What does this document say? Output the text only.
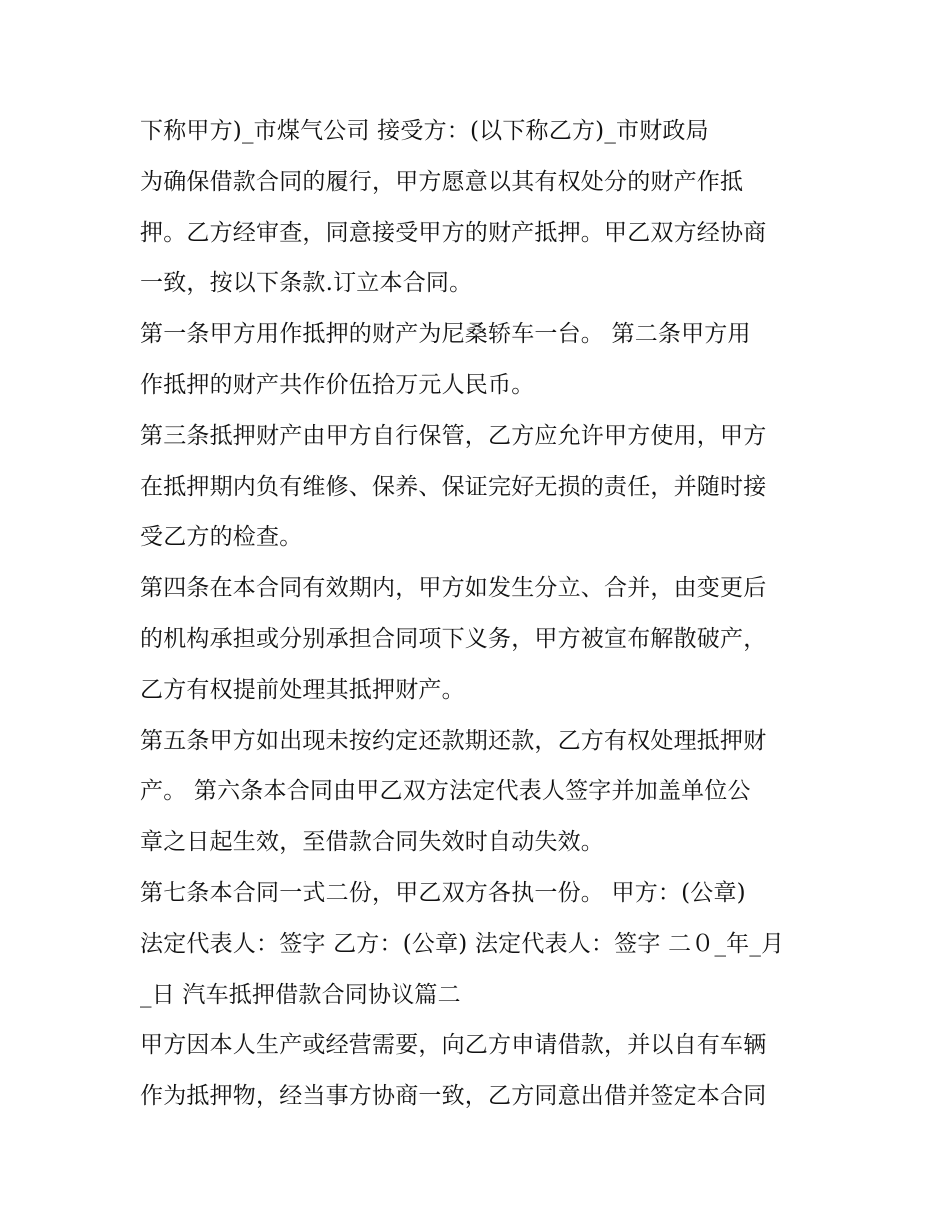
下称甲方)_市煤气公司 接受方：(以下称乙方)_市财政局
为确保借款合同的履行，甲方愿意以其有权处分的财产作抵
押。乙方经审查，同意接受甲方的财产抵押。甲乙双方经协商
一致，按以下条款.订立本合同。
第一条甲方用作抵押的财产为尼桑轿车一台。 第二条甲方用
作抵押的财产共作价伍拾万元人民币。
第三条抵押财产由甲方自行保管，乙方应允许甲方使用，甲方
在抵押期内负有维修、保养、保证完好无损的责任，并随时接
受乙方的检查。
第四条在本合同有效期内，甲方如发生分立、合并，由变更后
的机构承担或分别承担合同项下义务，甲方被宣布解散破产，
乙方有权提前处理其抵押财产。
第五条甲方如出现未按约定还款期还款，乙方有权处理抵押财
产。 第六条本合同由甲乙双方法定代表人签字并加盖单位公
章之日起生效，至借款合同失效时自动失效。
第七条本合同一式二份，甲乙双方各执一份。 甲方：(公章)
法定代表人：签字 乙方：(公章) 法定代表人：签字 二０_年_月
_日 汽车抵押借款合同协议篇二
甲方因本人生产或经营需要，向乙方申请借款，并以自有车辆
作为抵押物，经当事方协商一致，乙方同意出借并签定本合同
